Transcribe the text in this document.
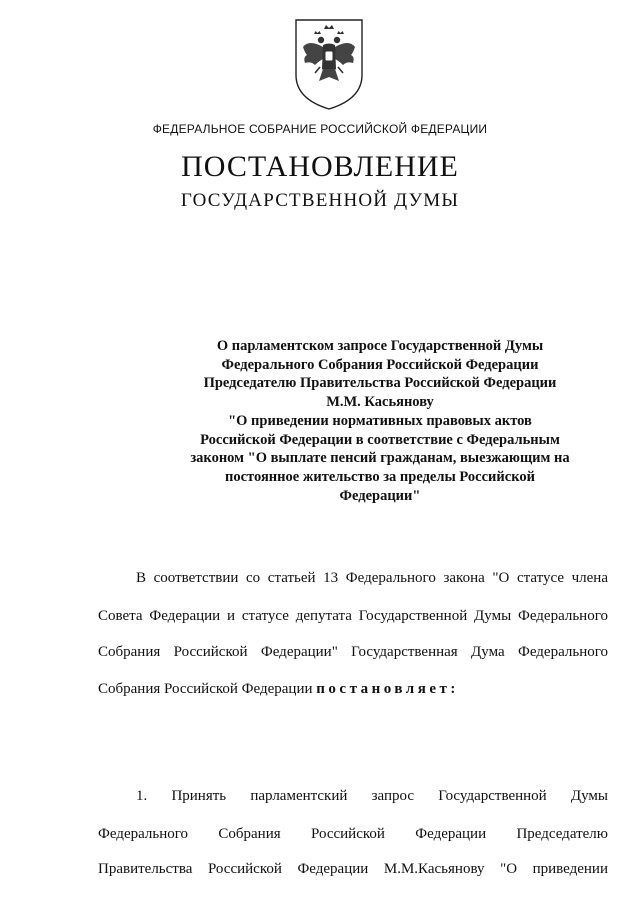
ФЕДЕРАЛЬНОЕ СОБРАНИЕ РОССИЙСКОЙ ФЕДЕРАЦИИ
ПОСТАНОВЛЕНИЕ
ГОСУДАРСТВЕННОЙ ДУМЫ
О парламентском запросе Государственной Думы
Федерального Собрания Российской Федерации
Председателю Правительства Российской Федерации
М.М. Касьянову
"О приведении нормативных правовых актов
Российской Федерации в соответствие с Федеральным
законом "О выплате пенсий гражданам, выезжающим на
постоянное жительство за пределы Российской
Федерации"
В соответствии со статьей 13 Федерального закона "О статусе члена
Совета Федерации и статусе депутата Государственной Думы Федерального
Собрания Российской Федерации" Государственная Дума Федерального
Собрания Российской Федерации постановляет:
1. Принять парламентский запрос Государственной Думы
Федерального Собрания Российской Федерации Председателю
Правительства Российской Федерации М.М.Касьянову "О приведении
